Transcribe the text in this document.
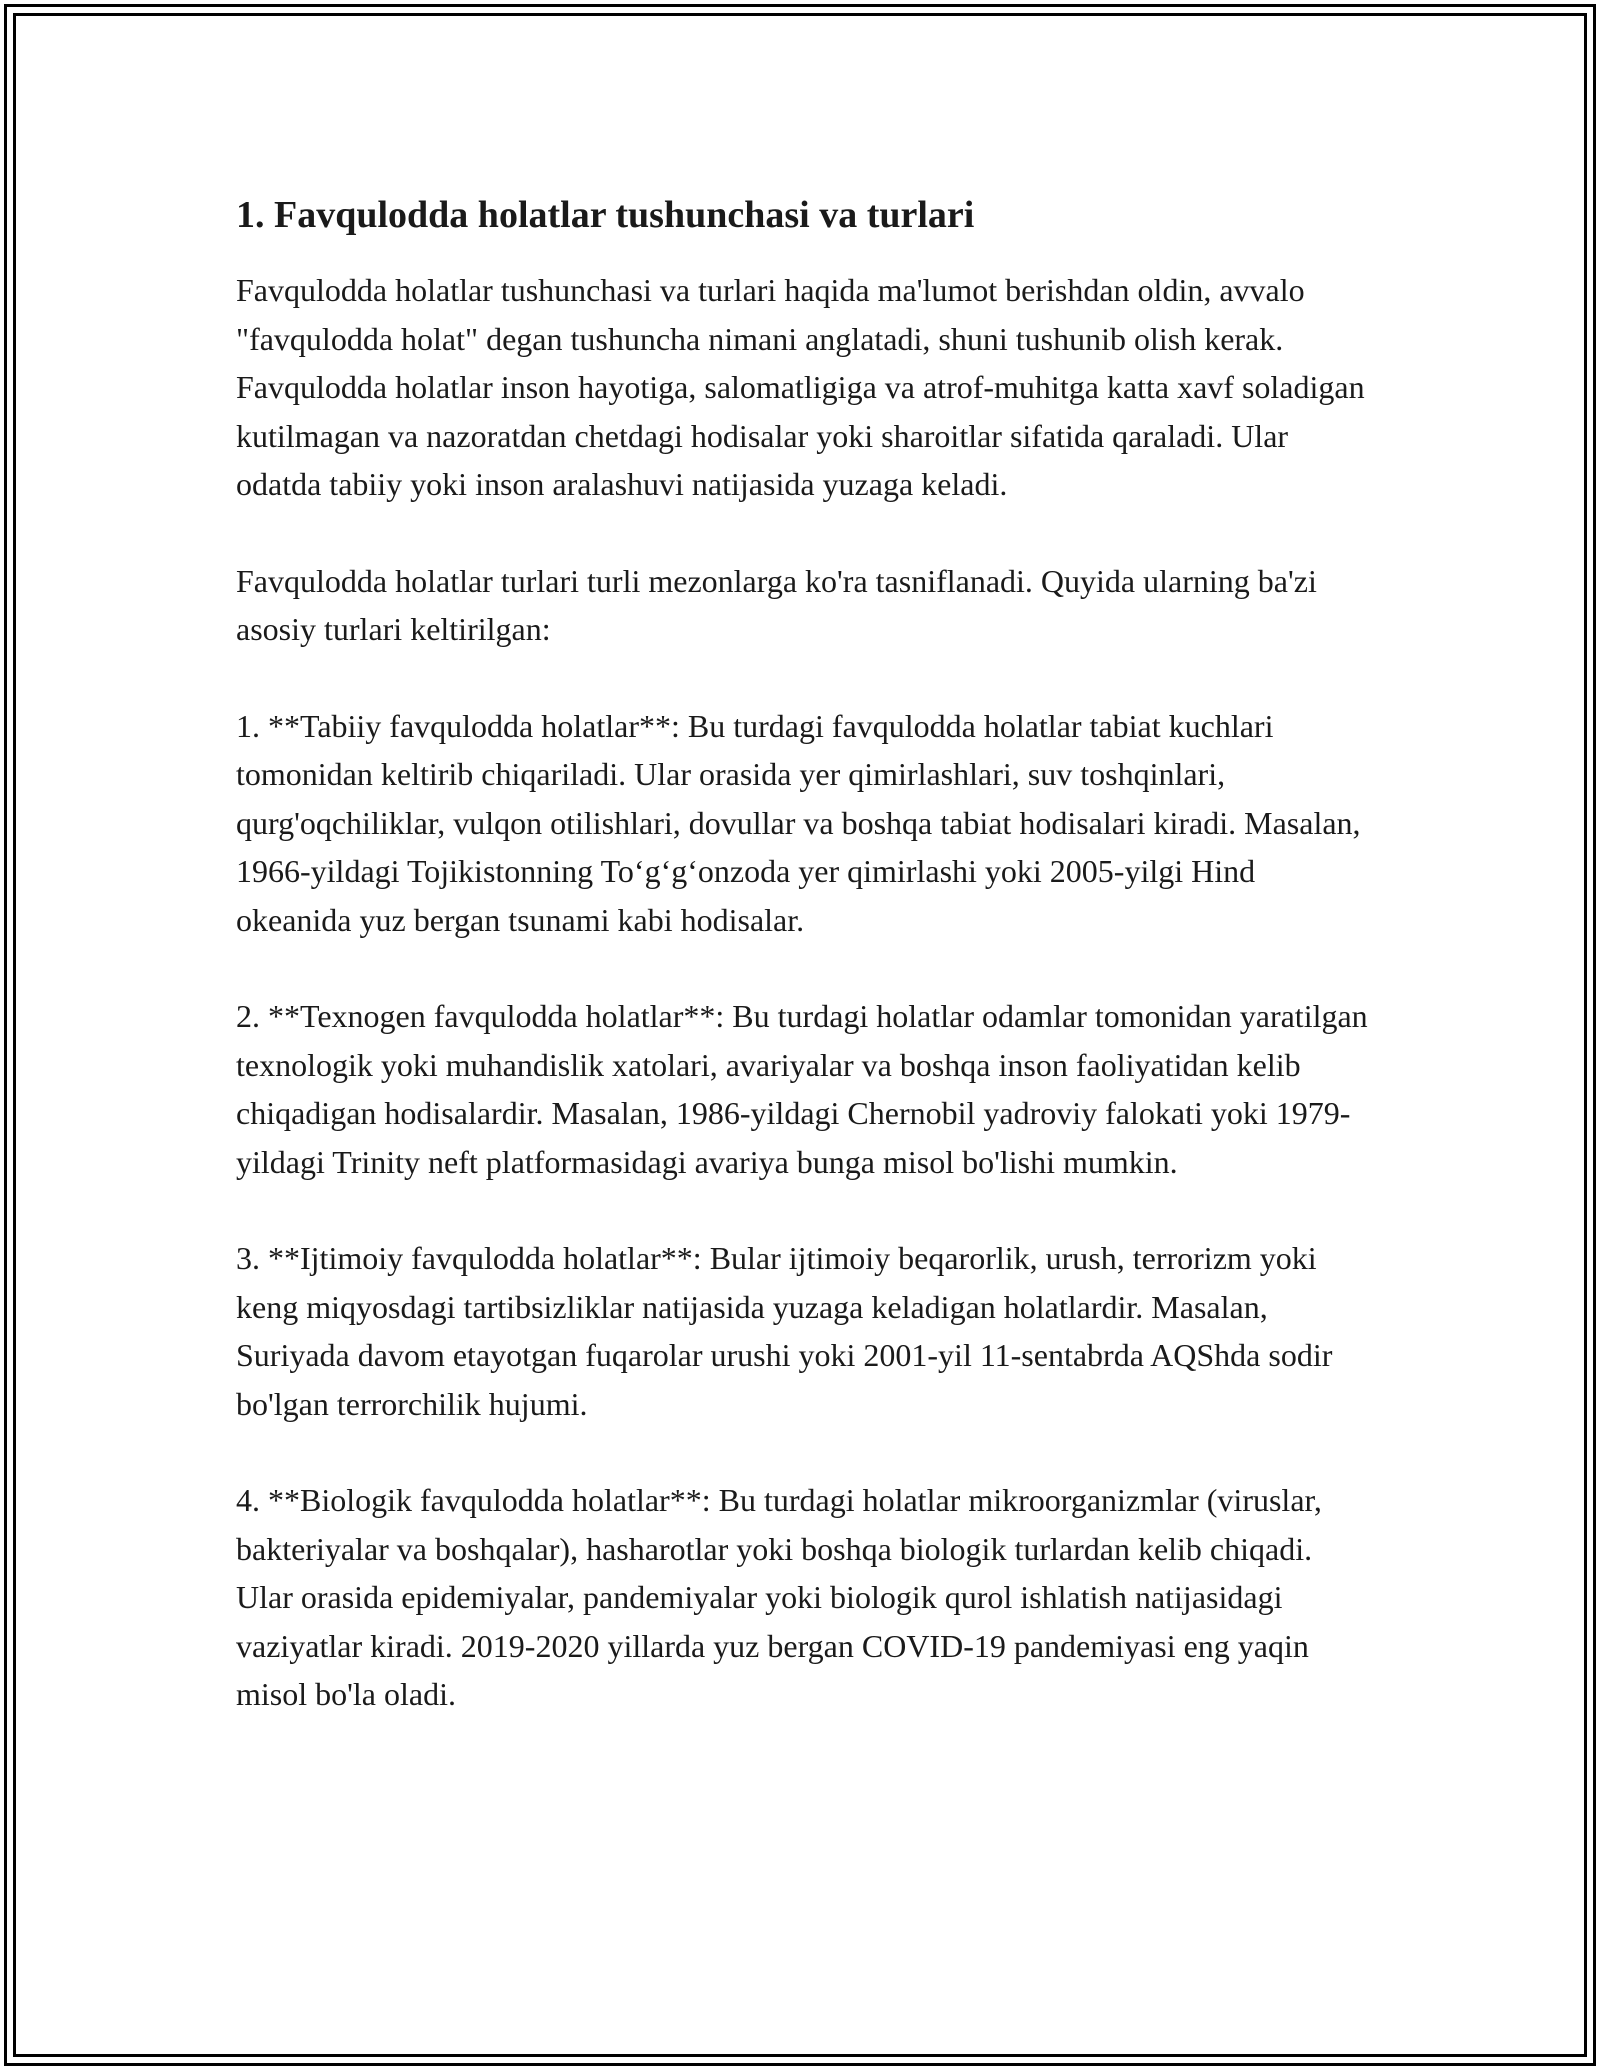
1. Favqulodda holatlar tushunchasi va turlari

Favqulodda holatlar tushunchasi va turlari haqida ma'lumot berishdan oldin, avvalo "favqulodda holat" degan tushuncha nimani anglatadi, shuni tushunib olish kerak. Favqulodda holatlar inson hayotiga, salomatligiga va atrof-muhitga katta xavf soladigan kutilmagan va nazoratdan chetdagi hodisalar yoki sharoitlar sifatida qaraladi. Ular odatda tabiiy yoki inson aralashuvi natijasida yuzaga keladi.

Favqulodda holatlar turlari turli mezonlarga ko'ra tasniflanadi. Quyida ularning ba'zi asosiy turlari keltirilgan:

1. **Tabiiy favqulodda holatlar**: Bu turdagi favqulodda holatlar tabiat kuchlari tomonidan keltirib chiqariladi. Ular orasida yer qimirlashlari, suv toshqinlari, qurg'oqchiliklar, vulqon otilishlari, dovullar va boshqa tabiat hodisalari kiradi. Masalan, 1966-yildagi Tojikistonning To‘g‘g‘onzoda yer qimirlashi yoki 2005-yilgi Hind okeanida yuz bergan tsunami kabi hodisalar.

2. **Texnogen favqulodda holatlar**: Bu turdagi holatlar odamlar tomonidan yaratilgan texnologik yoki muhandislik xatolari, avariyalar va boshqa inson faoliyatidan kelib chiqadigan hodisalardir. Masalan, 1986-yildagi Chernobil yadroviy falokati yoki 1979-yildagi Trinity neft platformasidagi avariya bunga misol bo'lishi mumkin.

3. **Ijtimoiy favqulodda holatlar**: Bular ijtimoiy beqarorlik, urush, terrorizm yoki keng miqyosdagi tartibsizliklar natijasida yuzaga keladigan holatlardir. Masalan, Suriyada davom etayotgan fuqarolar urushi yoki 2001-yil 11-sentabrda AQShda sodir bo'lgan terrorchilik hujumi.

4. **Biologik favqulodda holatlar**: Bu turdagi holatlar mikroorganizmlar (viruslar, bakteriyalar va boshqalar), hasharotlar yoki boshqa biologik turlardan kelib chiqadi. Ular orasida epidemiyalar, pandemiyalar yoki biologik qurol ishlatish natijasidagi vaziyatlar kiradi. 2019-2020 yillarda yuz bergan COVID-19 pandemiyasi eng yaqin misol bo'la oladi.
